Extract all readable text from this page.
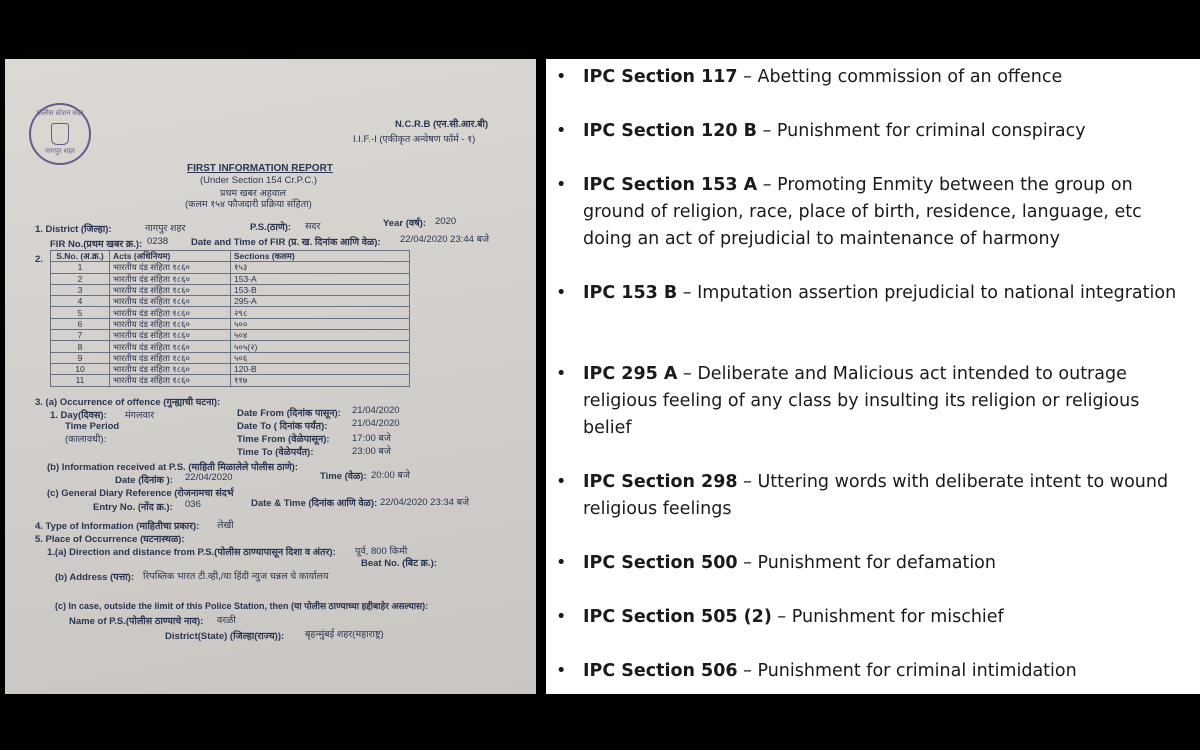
पोलीस स्टेशन सदर
नागपुर शहर
N.C.R.B (एन.सी.आर.बी)
I.I.F.-I (एकीकृत अन्वेषण फॉर्म - १)
FIRST INFORMATION REPORT
(Under Section 154 Cr.P.C.)
प्रथम खबर अहवाल
(कलम १५४ फौजदारी प्रक्रिया संहिता)
1. District (जिल्हा):	नागपुर शहर	P.S.(ठाणे): सदर	Year (वर्ष): 2020
FIR No.(प्रथम खबर क्र.): 0238 Date and Time of FIR (प्र. ख. दिनांक आणि वेळ): 22/04/2020 23:44 बजे
2. S.No. (अ.क्र.)	Acts (अधिनियम)	Sections (कलम)
1	भारतीय दंड संहिता १८६०	१५३
2	भारतीय दंड संहिता १८६०	153-A
3	भारतीय दंड संहिता १८६०	153-B
4	भारतीय दंड संहिता १८६०	295-A
5	भारतीय दंड संहिता १८६०	२९८
6	भारतीय दंड संहिता १८६०	५००
7	भारतीय दंड संहिता १८६०	५०४
8	भारतीय दंड संहिता १८६०	५०५(२)
9	भारतीय दंड संहिता १८६०	५०६
10	भारतीय दंड संहिता १८६०	120-B
11	भारतीय दंड संहिता १८६०	११७
3. (a) Occurrence of offence (गुन्ह्याची घटना):
1. Day(दिवस): मंगलवार
Time Period
(कालावधी):
Date From (दिनांक पासून): 21/04/2020
Date To ( दिनांक पर्यंत):	21/04/2020
Time From (वेळेपासून): 17:00 बजे
Time To (वेळेपर्यंत):	23:00 बजे
(b) Information received at P.S. (माहिती मिळालेले पोलीस ठाणे):
Date (दिनांक ): 22/04/2020	Time (वेळ): 20:00 बजे
(c) General Diary Reference (रोजनामचा संदर्भ
Entry No. (नोंद क्र.): 036	Date & Time (दिनांक आणि वेळ): 22/04/2020 23:34 बजे
4. Type of Information (माहितीचा प्रकार): लेखी
5. Place of Occurrence (घटनास्थळ):
1.(a) Direction and distance from P.S.(पोलीस ठाण्यापासून दिशा व अंतर): पूर्व, 800 किमी
Beat No. (बिट क्र.):
(b) Address (पत्ता): रिपब्लिक भारत टी.व्ही,/या हिंदी न्युज चन्नल चे कार्यालय
(c) In case, outside the limit of this Police Station, then (या पोलीस ठाण्याच्या हद्दीबाहेर असल्यास):
Name of P.S.(पोलीस ठाण्याचे नाव): वरळी
District(State) (जिल्हा(राज्य)): बृहन्मुंबई शहर(महाराष्ट्र)
• IPC Section 117 – Abetting commission of an offence
• IPC Section 120 B – Punishment for criminal conspiracy
• IPC Section 153 A – Promoting Enmity between the group on ground of religion, race, place of birth, residence, language, etc doing an act of prejudicial to maintenance of harmony
• IPC 153 B – Imputation assertion prejudicial to national integration
• IPC 295 A – Deliberate and Malicious act intended to outrage religious feeling of any class by insulting its religion or religious belief
• IPC Section 298 – Uttering words with deliberate intent to wound religious feelings
• IPC Section 500 – Punishment for defamation
• IPC Section 505 (2) – Punishment for mischief
• IPC Section 506 – Punishment for criminal intimidation
